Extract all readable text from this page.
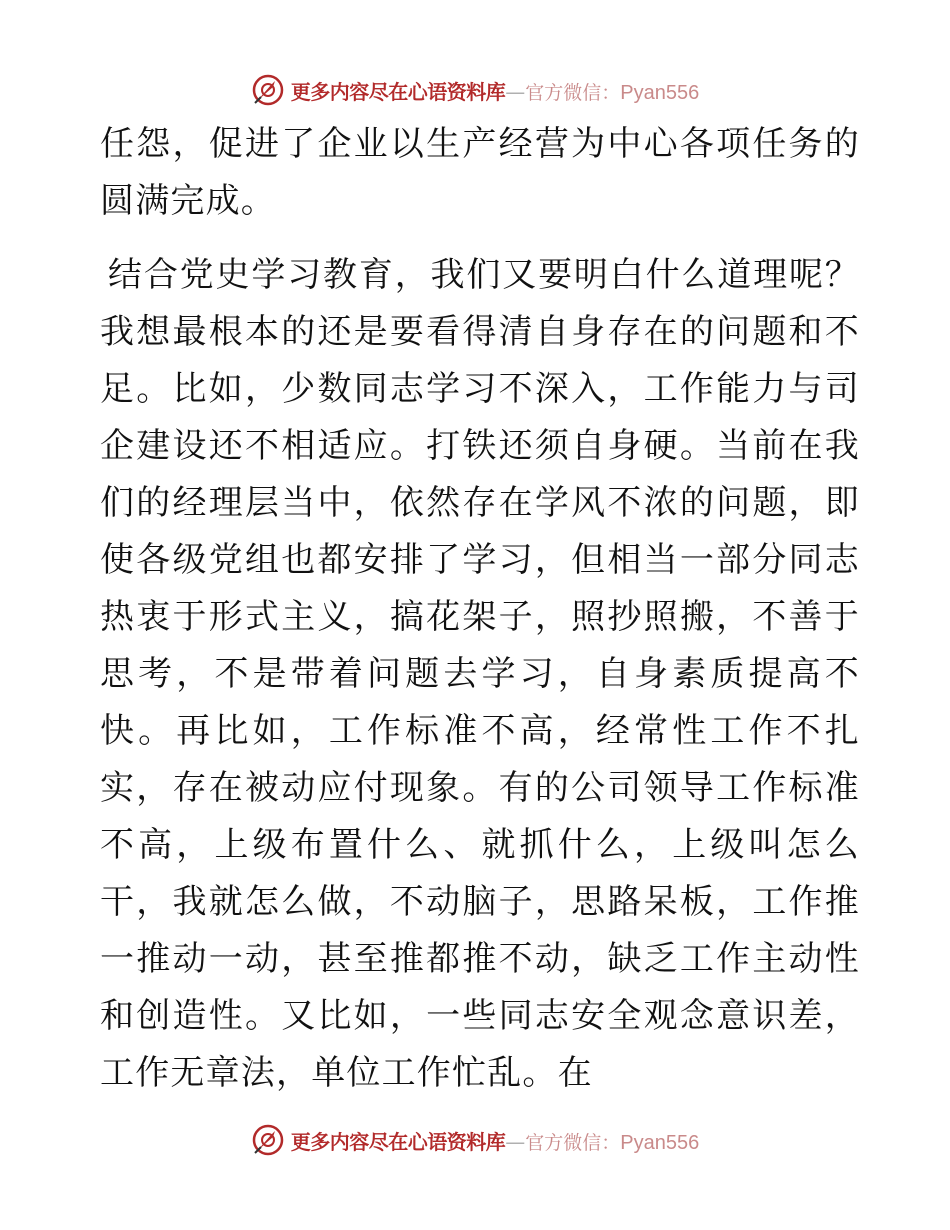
更多内容尽在心语资料库 — 官方微信： Pyan556

任怨，促进了企业以生产经营为中心各项任务的圆满完成。

结合党史学习教育，我们又要明白什么道理呢？我想最根本的还是要看得清自身存在的问题和不足。比如，少数同志学习不深入，工作能力与司企建设还不相适应。打铁还须自身硬。当前在我们的经理层当中，依然存在学风不浓的问题，即使各级党组也都安排了学习，但相当一部分同志热衷于形式主义，搞花架子，照抄照搬，不善于思考，不是带着问题去学习，自身素质提高不快。再比如，工作标准不高，经常性工作不扎实，存在被动应付现象。有的公司领导工作标准不高，上级布置什么、就抓什么，上级叫怎么干，我就怎么做，不动脑子，思路呆板，工作推一推动一动，甚至推都推不动，缺乏工作主动性和创造性。又比如，一些同志安全观念意识差，工作无章法，单位工作忙乱。在

更多内容尽在心语资料库 — 官方微信： Pyan556
